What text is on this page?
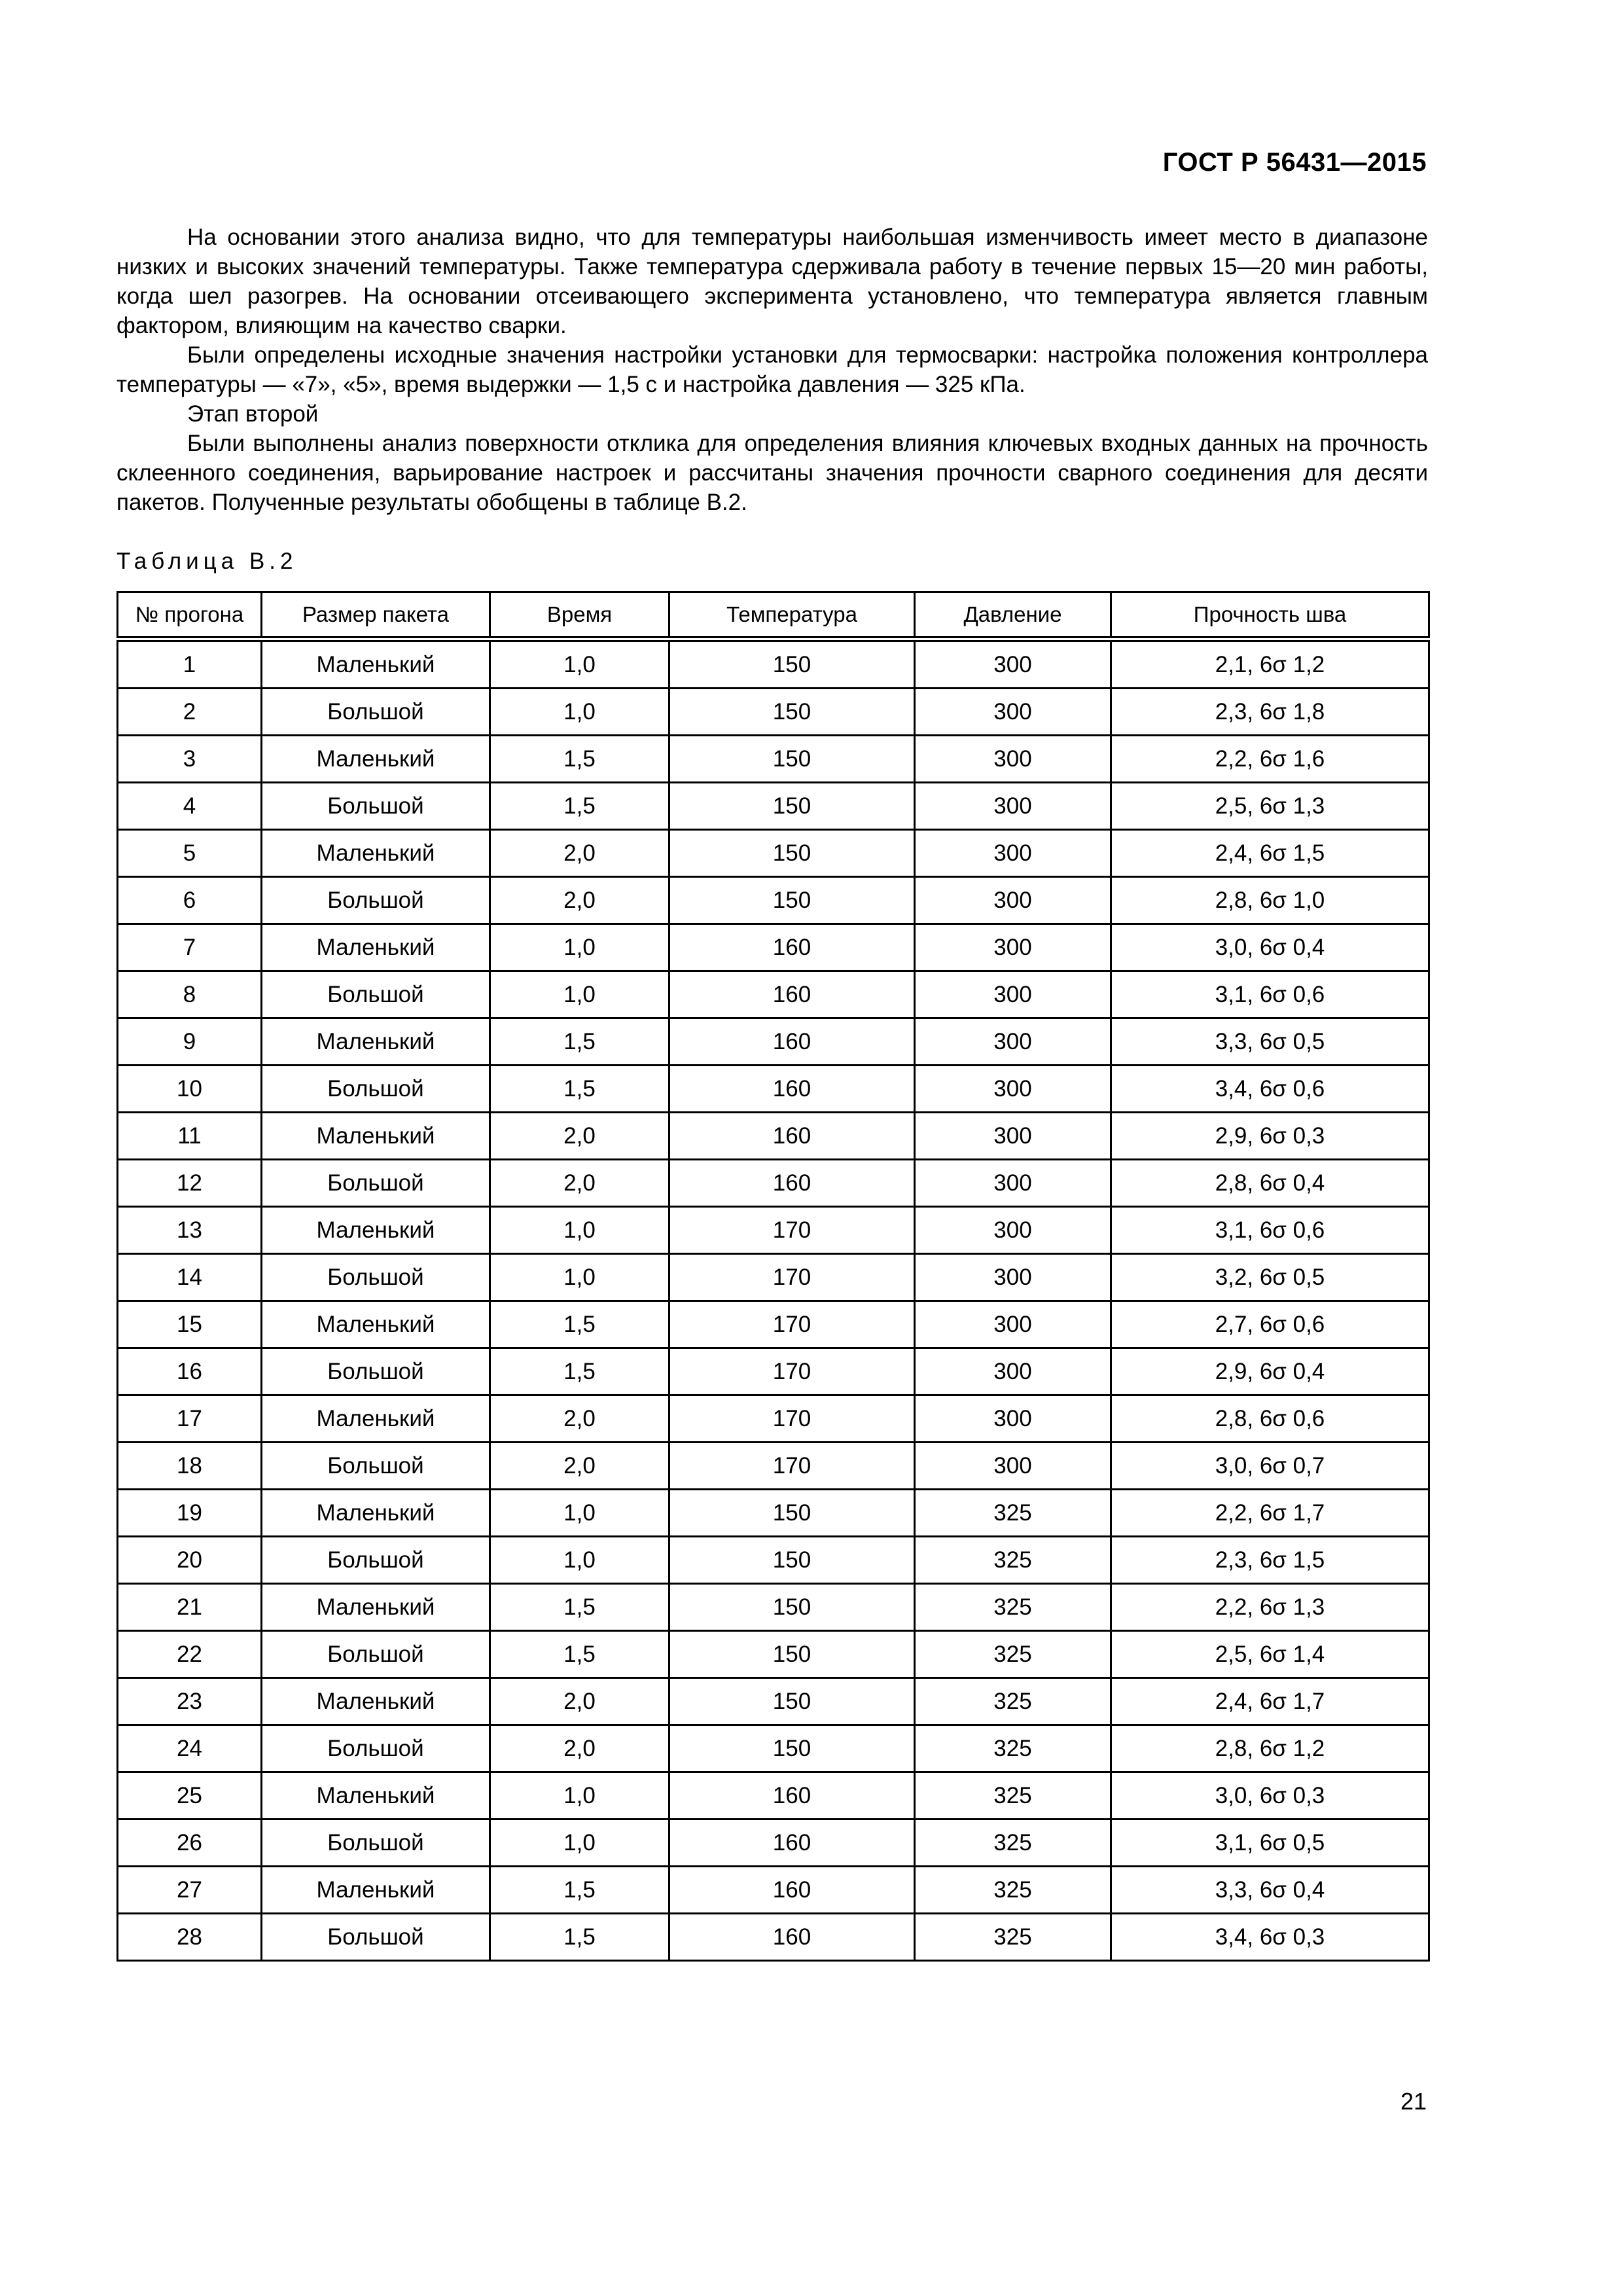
ГОСТ Р 56431—2015

На основании этого анализа видно, что для температуры наибольшая изменчивость имеет место в диапазоне низких и высоких значений температуры. Также температура сдерживала работу в течение первых 15—20 мин работы, когда шел разогрев. На основании отсеивающего эксперимента установлено, что температура является главным фактором, влияющим на качество сварки.

Были определены исходные значения настройки установки для термосварки: настройка положения контроллера температуры — «7», «5», время выдержки — 1,5 с и настройка давления — 325 кПа.

Этап второй

Были выполнены анализ поверхности отклика для определения влияния ключевых входных данных на прочность склеенного соединения, варьирование настроек и рассчитаны значения прочности сварного соединения для десяти пакетов. Полученные результаты обобщены в таблице В.2.

Таблица В.2
№ прогона	Размер пакета	Время	Температура	Давление	Прочность шва
1	Маленький	1,0	150	300	2,1, 6σ 1,2
2	Большой	1,0	150	300	2,3, 6σ 1,8
3	Маленький	1,5	150	300	2,2, 6σ 1,6
4	Большой	1,5	150	300	2,5, 6σ 1,3
5	Маленький	2,0	150	300	2,4, 6σ 1,5
6	Большой	2,0	150	300	2,8, 6σ 1,0
7	Маленький	1,0	160	300	3,0, 6σ 0,4
8	Большой	1,0	160	300	3,1, 6σ 0,6
9	Маленький	1,5	160	300	3,3, 6σ 0,5
10	Большой	1,5	160	300	3,4, 6σ 0,6
11	Маленький	2,0	160	300	2,9, 6σ 0,3
12	Большой	2,0	160	300	2,8, 6σ 0,4
13	Маленький	1,0	170	300	3,1, 6σ 0,6
14	Большой	1,0	170	300	3,2, 6σ 0,5
15	Маленький	1,5	170	300	2,7, 6σ 0,6
16	Большой	1,5	170	300	2,9, 6σ 0,4
17	Маленький	2,0	170	300	2,8, 6σ 0,6
18	Большой	2,0	170	300	3,0, 6σ 0,7
19	Маленький	1,0	150	325	2,2, 6σ 1,7
20	Большой	1,0	150	325	2,3, 6σ 1,5
21	Маленький	1,5	150	325	2,2, 6σ 1,3
22	Большой	1,5	150	325	2,5, 6σ 1,4
23	Маленький	2,0	150	325	2,4, 6σ 1,7
24	Большой	2,0	150	325	2,8, 6σ 1,2
25	Маленький	1,0	160	325	3,0, 6σ 0,3
26	Большой	1,0	160	325	3,1, 6σ 0,5
27	Маленький	1,5	160	325	3,3, 6σ 0,4
28	Большой	1,5	160	325	3,4, 6σ 0,3
21
